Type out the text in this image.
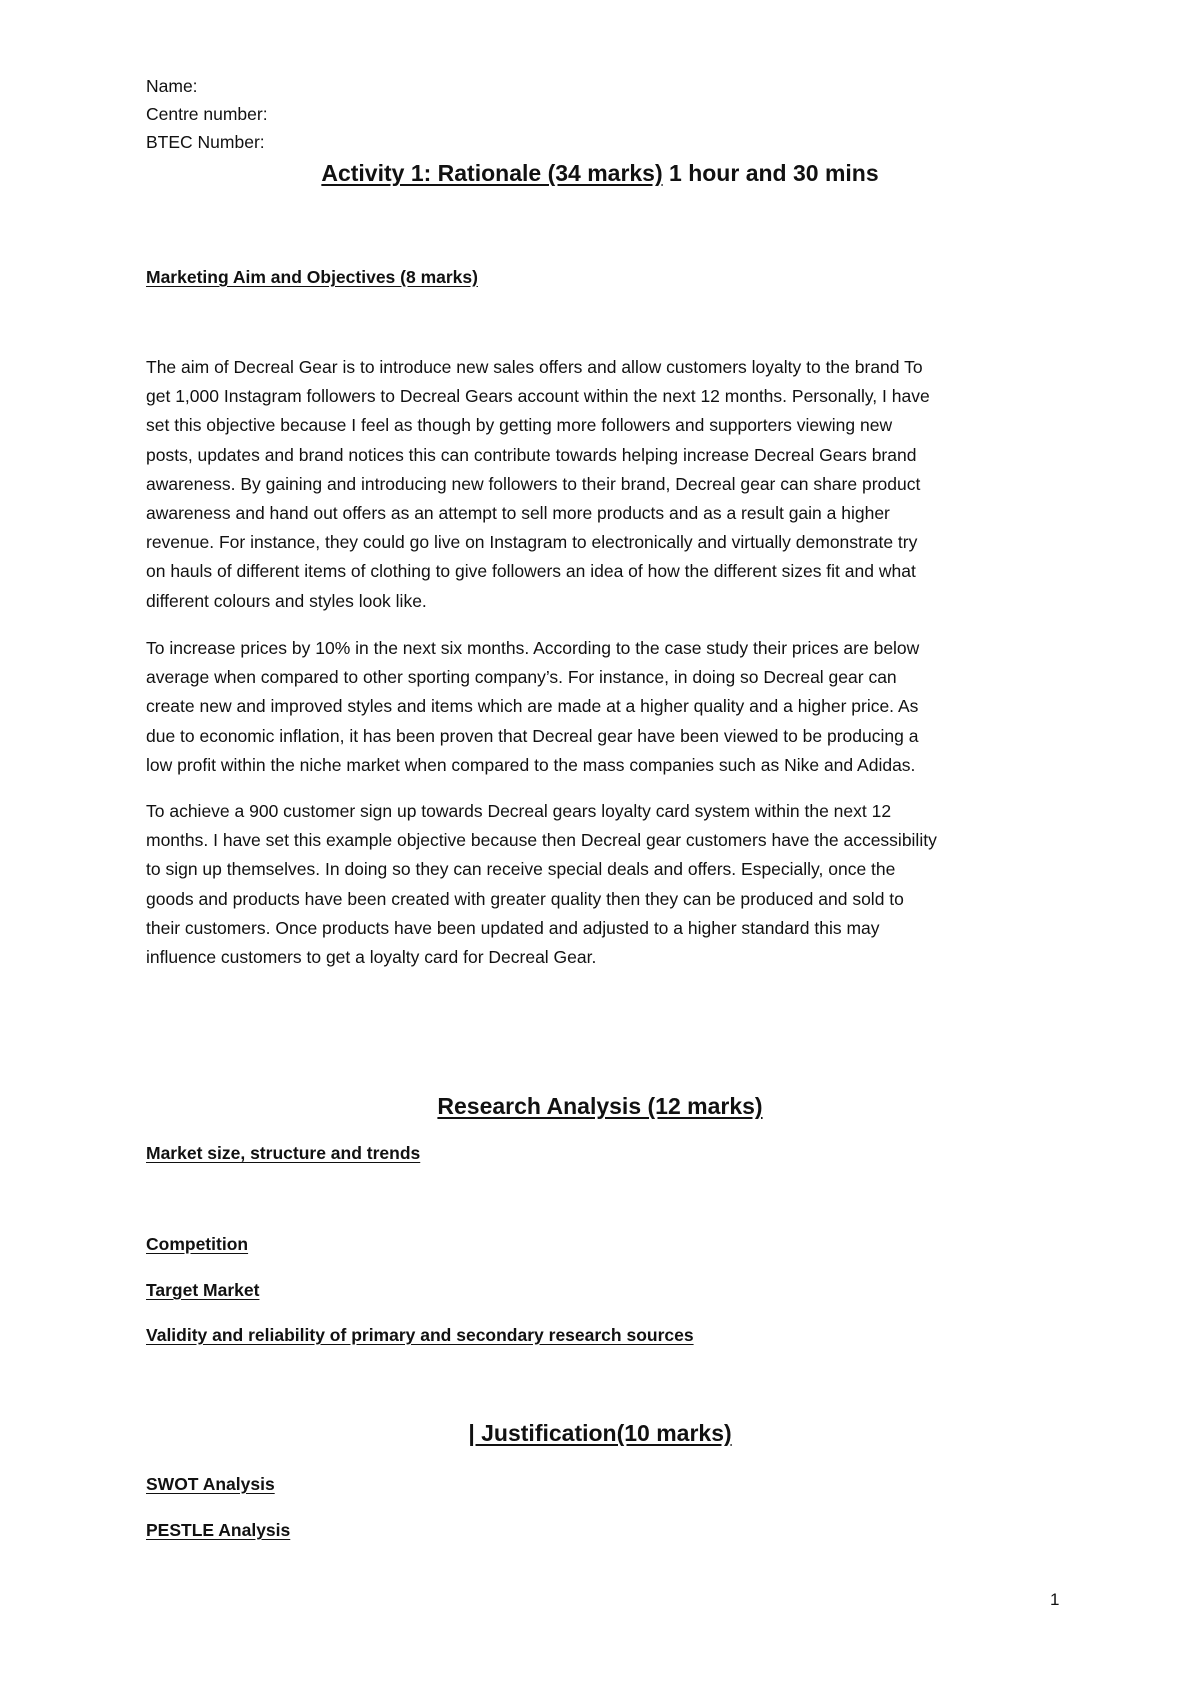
Name:
Centre number:
BTEC Number:
Activity 1: Rationale (34 marks) 1 hour and 30 mins
Marketing Aim and Objectives (8 marks)
The aim of Decreal Gear is to introduce new sales offers and allow customers loyalty to the brand To
get 1,000 Instagram followers to Decreal Gears account within the next 12 months. Personally, I have
set this objective because I feel as though by getting more followers and supporters viewing new
posts, updates and brand notices this can contribute towards helping increase Decreal Gears brand
awareness. By gaining and introducing new followers to their brand, Decreal gear can share product
awareness and hand out offers as an attempt to sell more products and as a result gain a higher
revenue. For instance, they could go live on Instagram to electronically and virtually demonstrate try
on hauls of different items of clothing to give followers an idea of how the different sizes fit and what
different colours and styles look like.
To increase prices by 10% in the next six months. According to the case study their prices are below
average when compared to other sporting company’s. For instance, in doing so Decreal gear can
create new and improved styles and items which are made at a higher quality and a higher price. As
due to economic inflation, it has been proven that Decreal gear have been viewed to be producing a
low profit within the niche market when compared to the mass companies such as Nike and Adidas.
To achieve a 900 customer sign up towards Decreal gears loyalty card system within the next 12
months. I have set this example objective because then Decreal gear customers have the accessibility
to sign up themselves. In doing so they can receive special deals and offers. Especially, once the
goods and products have been created with greater quality then they can be produced and sold to
their customers. Once products have been updated and adjusted to a higher standard this may
influence customers to get a loyalty card for Decreal Gear.
Research Analysis (12 marks)
Market size, structure and trends
Competition
Target Market
Validity and reliability of primary and secondary research sources
| Justification(10 marks)
SWOT Analysis
PESTLE Analysis
1
